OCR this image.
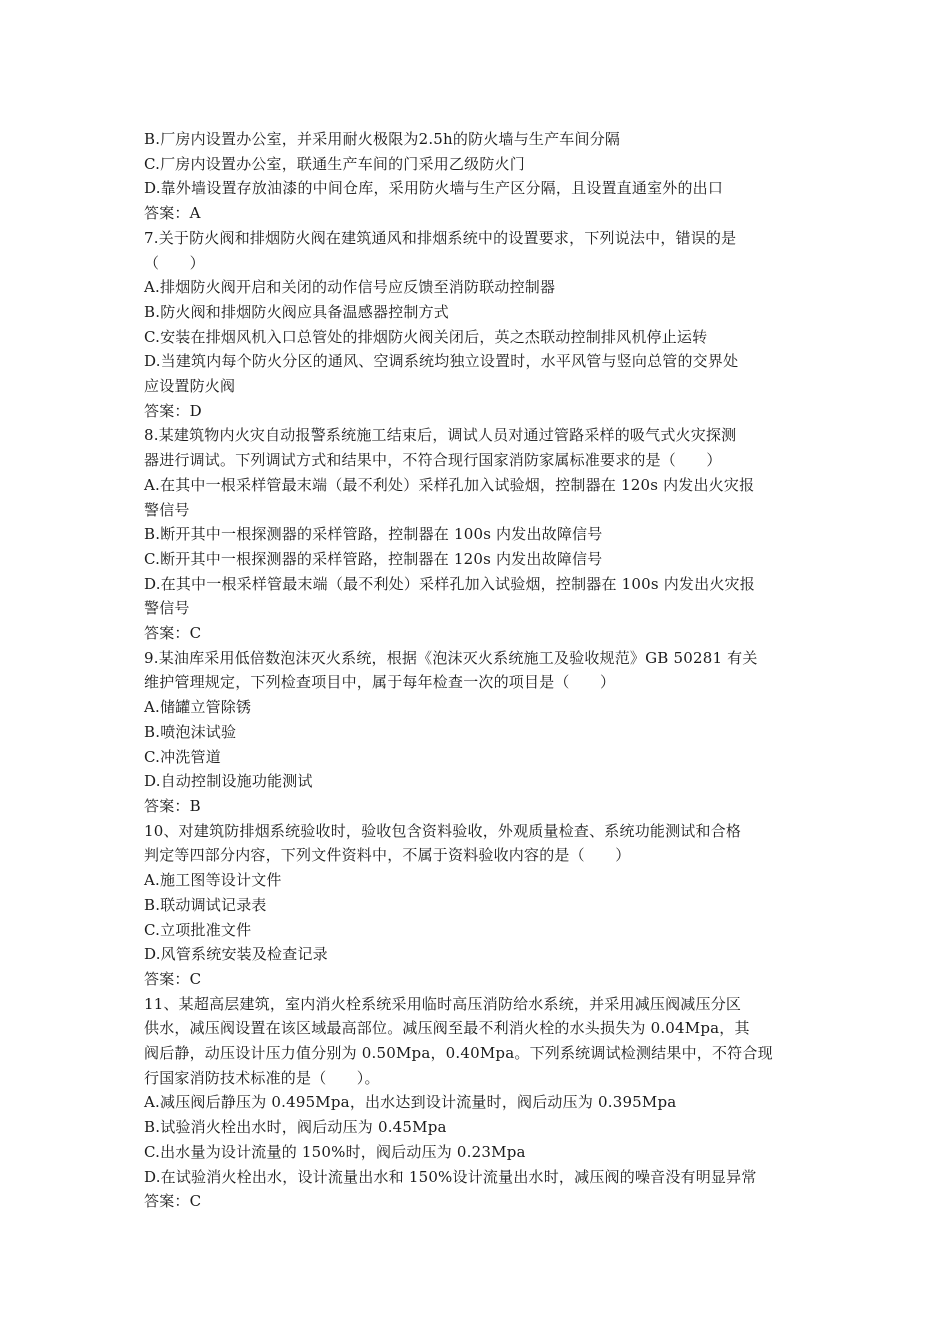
B.厂房内设置办公室，并采用耐火极限为2.5h的防火墙与生产车间分隔
C.厂房内设置办公室，联通生产车间的门采用乙级防火门
D.靠外墙设置存放油漆的中间仓库，采用防火墙与生产区分隔，且设置直通室外的出口
答案：A
7.关于防火阀和排烟防火阀在建筑通风和排烟系统中的设置要求，下列说法中，错误的是
（　　）
A.排烟防火阀开启和关闭的动作信号应反馈至消防联动控制器
B.防火阀和排烟防火阀应具备温感器控制方式
C.安装在排烟风机入口总管处的排烟防火阀关闭后，英之杰联动控制排风机停止运转
D.当建筑内每个防火分区的通风、空调系统均独立设置时，水平风管与竖向总管的交界处
应设置防火阀
答案：D
8.某建筑物内火灾自动报警系统施工结束后，调试人员对通过管路采样的吸气式火灾探测
器进行调试。下列调试方式和结果中，不符合现行国家消防家属标准要求的是（　　）
A.在其中一根采样管最末端（最不利处）采样孔加入试验烟，控制器在 120s 内发出火灾报
警信号
B.断开其中一根探测器的采样管路，控制器在 100s 内发出故障信号
C.断开其中一根探测器的采样管路，控制器在 120s 内发出故障信号
D.在其中一根采样管最末端（最不利处）采样孔加入试验烟，控制器在 100s 内发出火灾报
警信号
答案：C
9.某油库采用低倍数泡沫灭火系统，根据《泡沫灭火系统施工及验收规范》GB 50281 有关
维护管理规定，下列检查项目中，属于每年检查一次的项目是（　　）
A.储罐立管除锈
B.喷泡沫试验
C.冲洗管道
D.自动控制设施功能测试
答案：B
10、对建筑防排烟系统验收时，验收包含资料验收，外观质量检查、系统功能测试和合格
判定等四部分内容，下列文件资料中，不属于资料验收内容的是（　　）
A.施工图等设计文件
B.联动调试记录表
C.立项批准文件
D.风管系统安装及检查记录
答案：C
11、某超高层建筑，室内消火栓系统采用临时高压消防给水系统，并采用减压阀减压分区
供水，减压阀设置在该区域最高部位。减压阀至最不利消火栓的水头损失为 0.04Mpa，其
阀后静，动压设计压力值分别为 0.50Mpa，0.40Mpa。下列系统调试检测结果中，不符合现
行国家消防技术标准的是（　　）。
A.减压阀后静压为 0.495Mpa，出水达到设计流量时，阀后动压为 0.395Mpa
B.试验消火栓出水时，阀后动压为 0.45Mpa
C.出水量为设计流量的 150%时，阀后动压为 0.23Mpa
D.在试验消火栓出水，设计流量出水和 150%设计流量出水时，减压阀的噪音没有明显异常
答案：C
